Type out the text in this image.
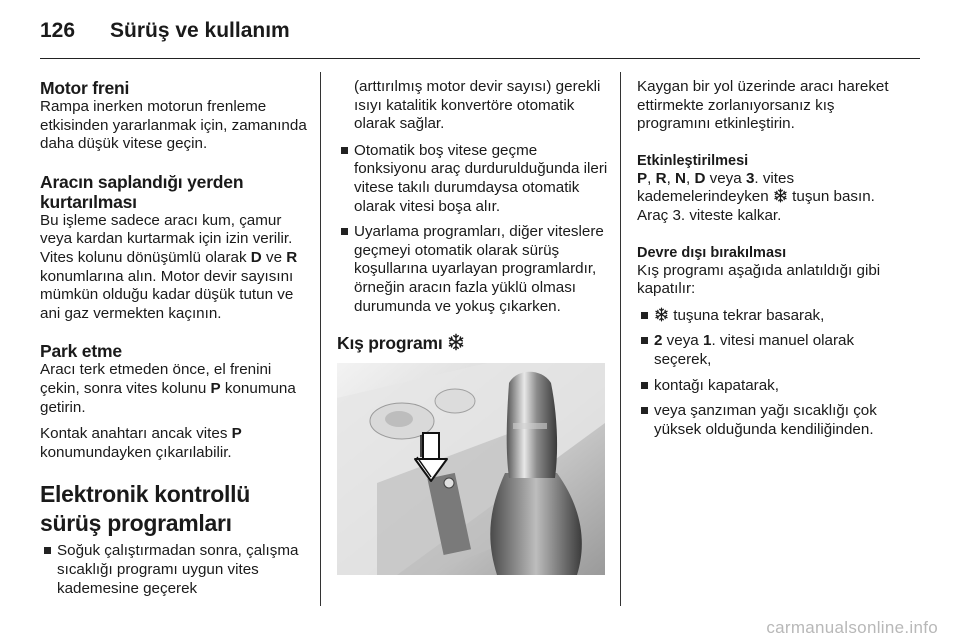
126 Sürüş ve kullanım
Motor freni

Rampa inerken motorun frenleme etkisinden yararlanmak için, zamanında daha düşük vitese geçin.

Aracın saplandığı yerden kurtarılması

Bu işleme sadece aracı kum, çamur veya kardan kurtarmak için izin verilir. Vites kolunu dönüşümlü olarak D ve R konumlarına alın. Motor devir sayısını mümkün olduğu kadar düşük tutun ve ani gaz vermekten kaçının.

Park etme

Aracı terk etmeden önce, el frenini çekin, sonra vites kolunu P konumuna getirin.

Kontak anahtarı ancak vites P konumundayken çıkarılabilir.

Elektronik kontrollü sürüş programları
Soğuk çalıştırmadan sonra, çalışma sıcaklığı programı uygun vites kademesine geçerek

(arttırılmış motor devir sayısı) gerekli ısıyı katalitik konvertöre otomatik olarak sağlar.

Otomatik boş vitese geçme fonksiyonu araç durdurulduğunda ileri vitese takılı durumdaysa otomatik olarak vitesi boşa alır.
Uyarlama programları, diğer viteslere geçmeyi otomatik olarak sürüş koşullarına uyarlayan programlardır, örneğin aracın fazla yüklü olması durumunda ve yokuş çıkarken.
Kış programı

Kaygan bir yol üzerinde aracı hareket ettirmekte zorlanıyorsanız kış programını etkinleştirin.

Etkinleştirilmesi

P, R, N, D veya 3. vites kademelerindeyken  tuşun basın. Araç 3. viteste kalkar.

Devre dışı bırakılması

Kış programı aşağıda anlatıldığı gibi kapatılır:

tuşuna tekrar basarak,
2 veya 1. vitesi manuel olarak seçerek,
kontağı kapatarak,
veya şanzıman yağı sıcaklığı çok yüksek olduğunda kendiliğinden.
carmanualsonline.info
